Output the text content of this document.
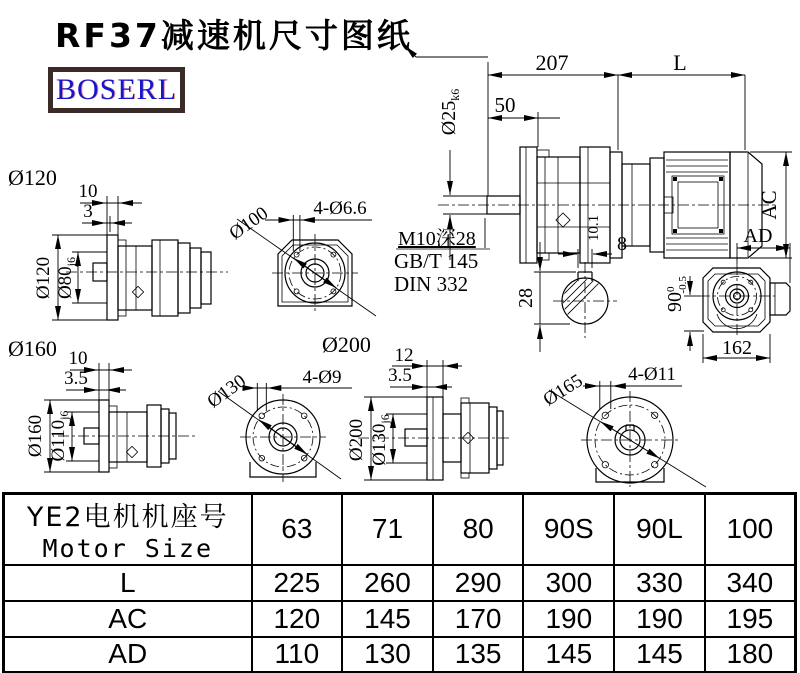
207	L
50
$Ø25_{k6}$
AC
10.1
M10深28
GB/T 145
DIN 332
Ø120
10
3
Ø120 $Ø80_{j6}$
Ø100 4-Ø6.6
8
28
AD
$90^0-0.5$
162
Ø160 10
3.5
Ø160 $Ø110_{j6}$
Ø200
Ø130	4-Ø9
12
3.5
Ø200 $Ø130_{j6}$
Ø165 4-Ø11
RF37减速机尺寸图纸
BOSERL
YE2电机机座号
Motor Size	63	71	80	90S	90L	100
L	225	260	290	300	330	340
AC	120	145	170	190	190	195
AD	110	130	135	145	145	180
